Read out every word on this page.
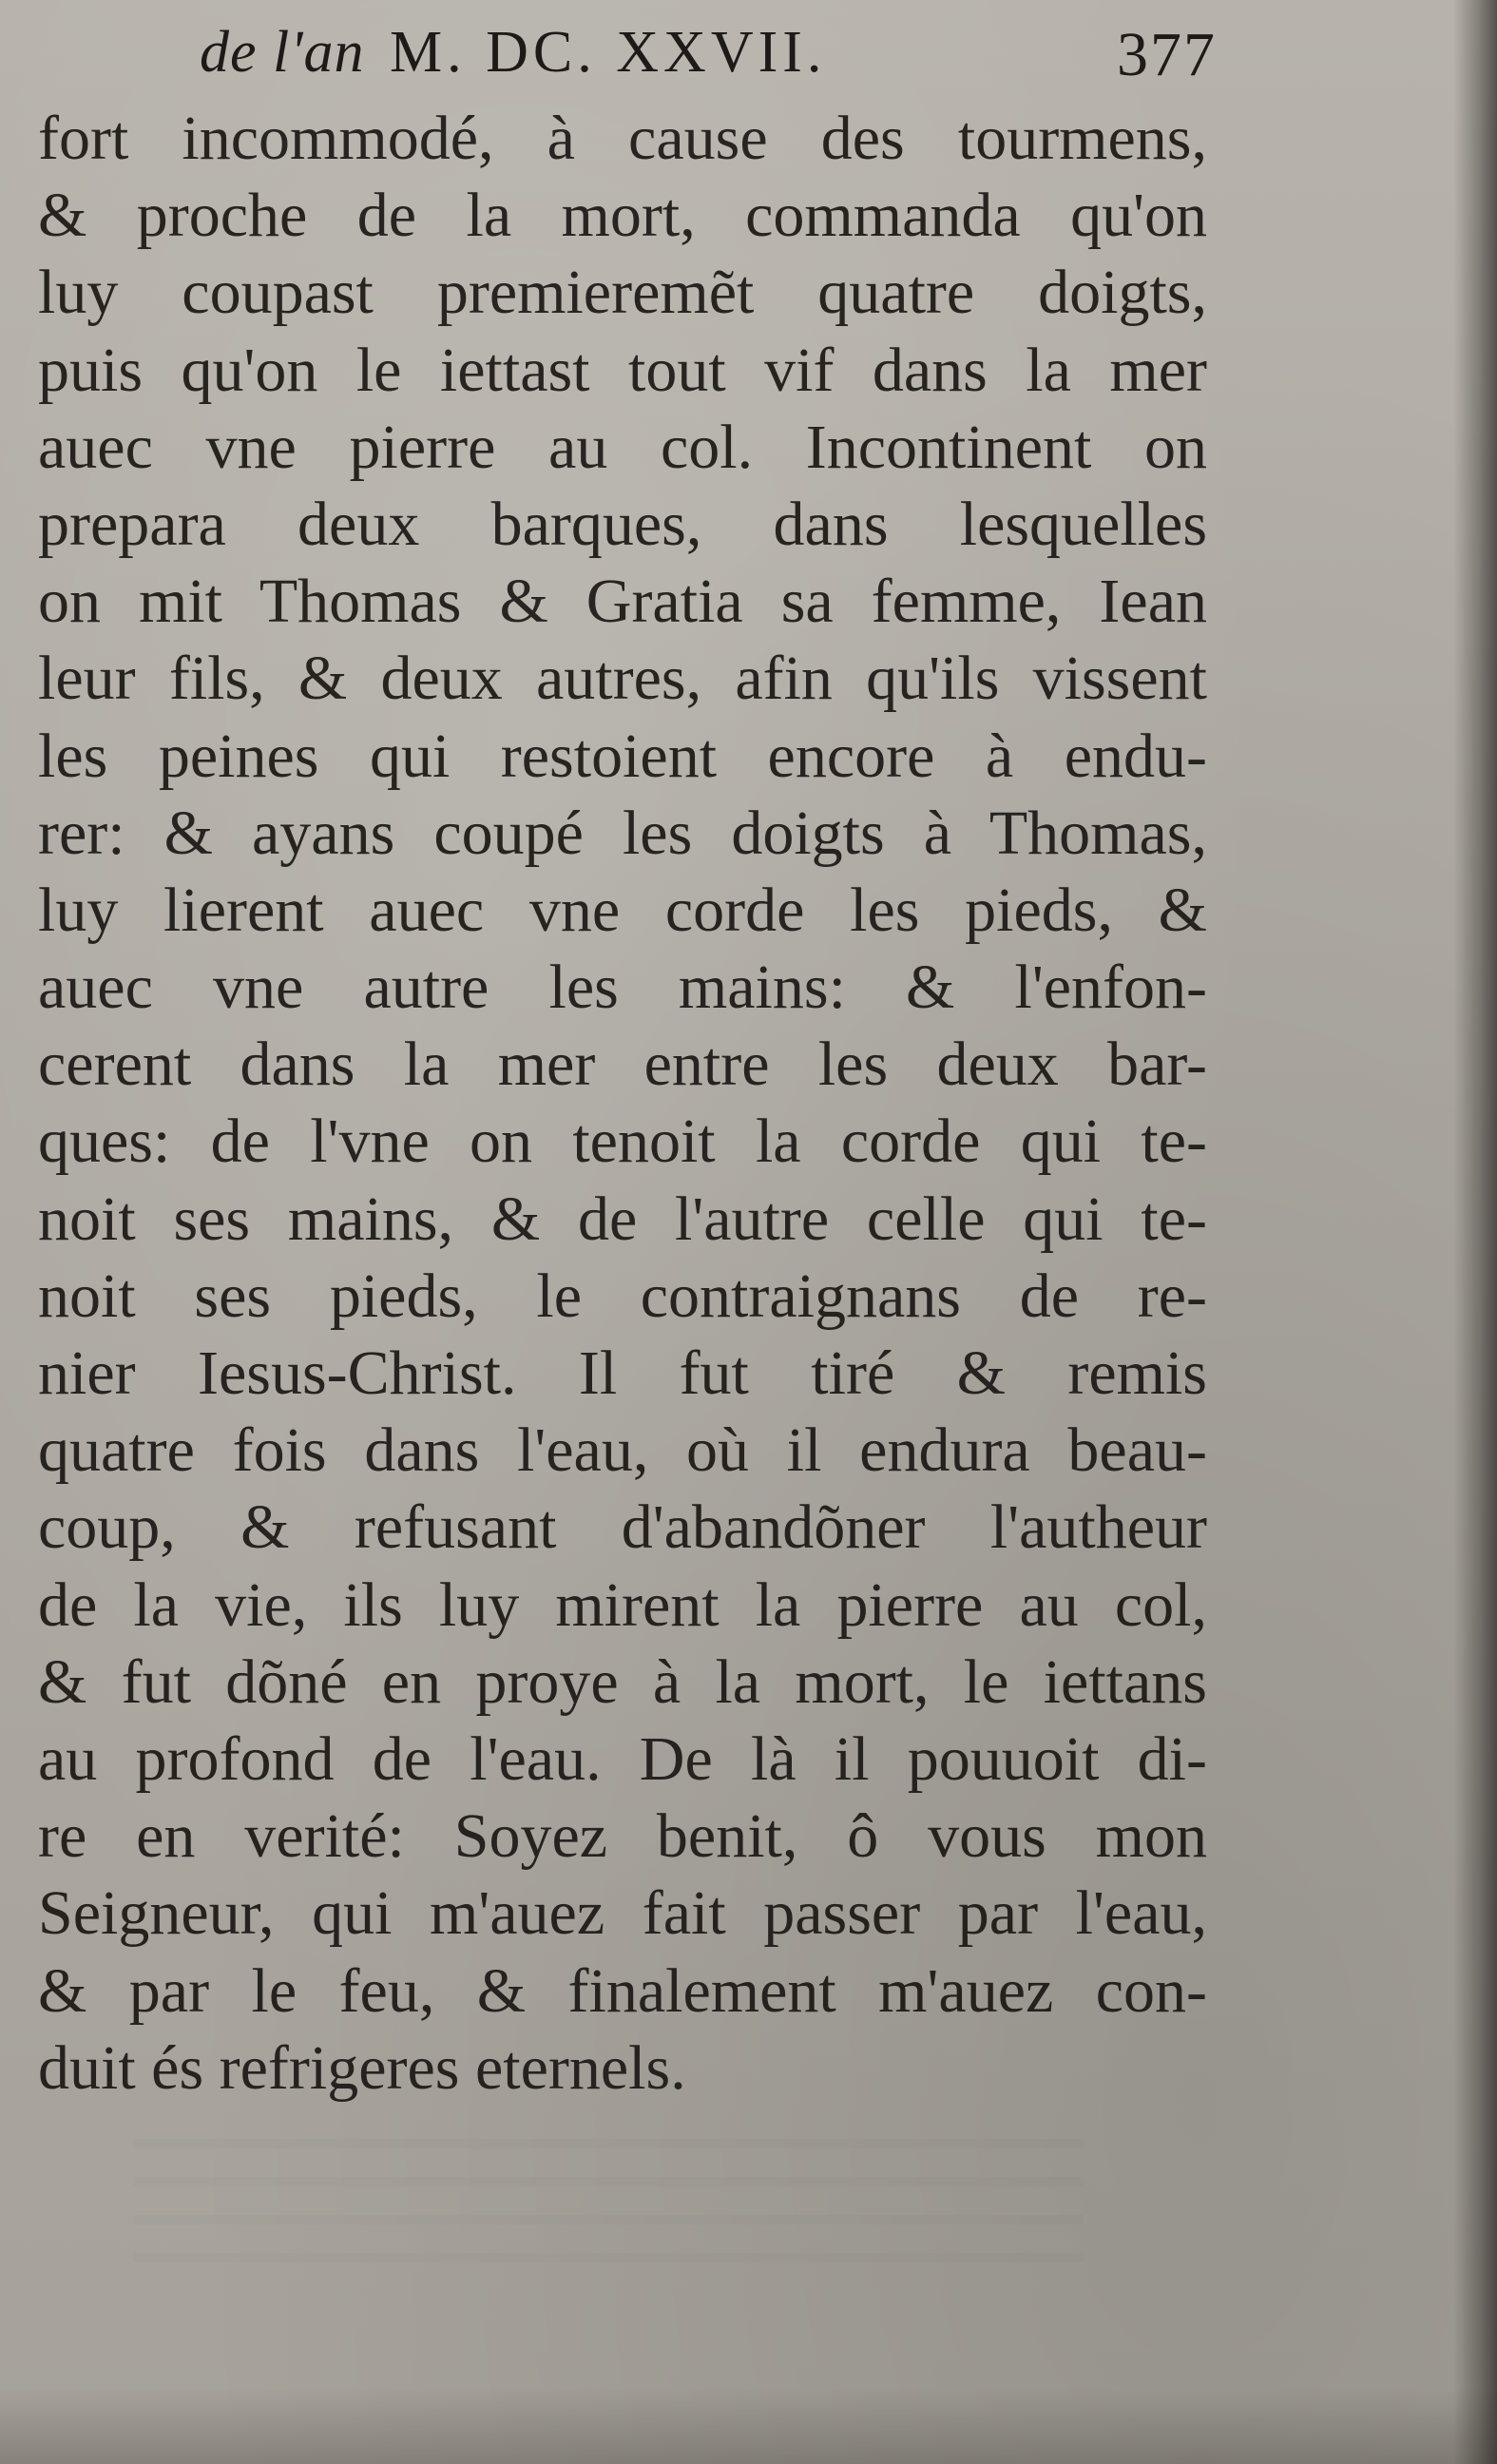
de l'an M. DC. XXVII.	377
fort incommodé, à cause des tourmens,
& proche de la mort, commanda qu'on
luy coupast premieremẽt quatre doigts,
puis qu'on le iettast tout vif dans la mer
auec vne pierre au col. Incontinent on
prepara deux barques, dans lesquelles
on mit Thomas & Gratia sa femme, Iean
leur fils, & deux autres, afin qu'ils vissent
les peines qui restoient encore à endu-
rer: & ayans coupé les doigts à Thomas,
luy lierent auec vne corde les pieds, &
auec vne autre les mains: & l'enfon-
cerent dans la mer entre les deux bar-
ques: de l'vne on tenoit la corde qui te-
noit ses mains, & de l'autre celle qui te-
noit ses pieds, le contraignans de re-
nier Iesus-Christ. Il fut tiré & remis
quatre fois dans l'eau, où il endura beau-
coup, & refusant d'abandõner l'autheur
de la vie, ils luy mirent la pierre au col,
& fut dõné en proye à la mort, le iettans
au profond de l'eau. De là il pouuoit di-
re en verité: Soyez benit, ô vous mon
Seigneur, qui m'auez fait passer par l'eau,
& par le feu, & finalement m'auez con-
duit és refrigeres eternels.
